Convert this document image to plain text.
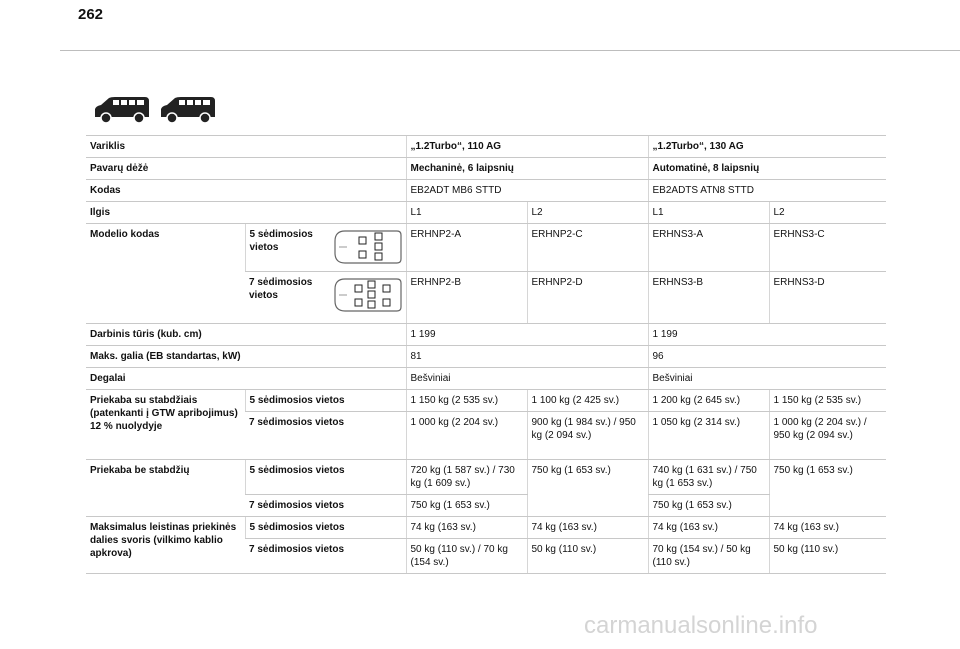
262
Variklis		„1.2Turbo“, 110 AG		„1.2Turbo“, 130 AG	
Pavarų dėžė		Mechaninė, 6 laipsnių		Automatinė, 8 laipsnių	
Kodas		EB2ADT MB6 STTD		EB2ADTS ATN8 STTD	
Ilgis		L1	L2	L1	L2
Modelio kodas	5 sėdimosios vietos	ERHNP2-A	ERHNP2-C	ERHNS3-A	ERHNS3-C

	7 sėdimosios vietos	ERHNP2-B	ERHNP2-D	ERHNS3-B	ERHNS3-D
Darbinis tūris (kub. cm)		1 199		1 199	
Maks. galia (EB standartas, kW)		81		96	
Degalai		Bešviniai		Bešviniai	
Priekaba su stabdžiais (patenkanti į GTW apribojimus) 12 % nuolydyje	5 sėdimosios vietos	1 150 kg (2 535 sv.)	1 100 kg (2 425 sv.)	1 200 kg (2 645 sv.)	1 150 kg (2 535 sv.)
	7 sėdimosios vietos	1 000 kg (2 204 sv.)	900 kg (1 984 sv.) / 950 kg (2 094 sv.)	1 050 kg (2 314 sv.)	1 000 kg (2 204 sv.) / 950 kg (2 094 sv.)
Priekaba be stabdžių	5 sėdimosios vietos	720 kg (1 587 sv.) / 730 kg (1 609 sv.)	750 kg (1 653 sv.)	740 kg (1 631 sv.) / 750 kg (1 653 sv.)	750 kg (1 653 sv.)
	7 sėdimosios vietos	750 kg (1 653 sv.)		750 kg (1 653 sv.)	
Maksimalus leistinas priekinės dalies svoris (vilkimo kablio apkrova)	5 sėdimosios vietos	74 kg (163 sv.)	74 kg (163 sv.)	74 kg (163 sv.)	74 kg (163 sv.)
	7 sėdimosios vietos	50 kg (110 sv.) / 70 kg (154 sv.)	50 kg (110 sv.)	70 kg (154 sv.) / 50 kg (110 sv.)	50 kg (110 sv.)
carmanualsonline.info
